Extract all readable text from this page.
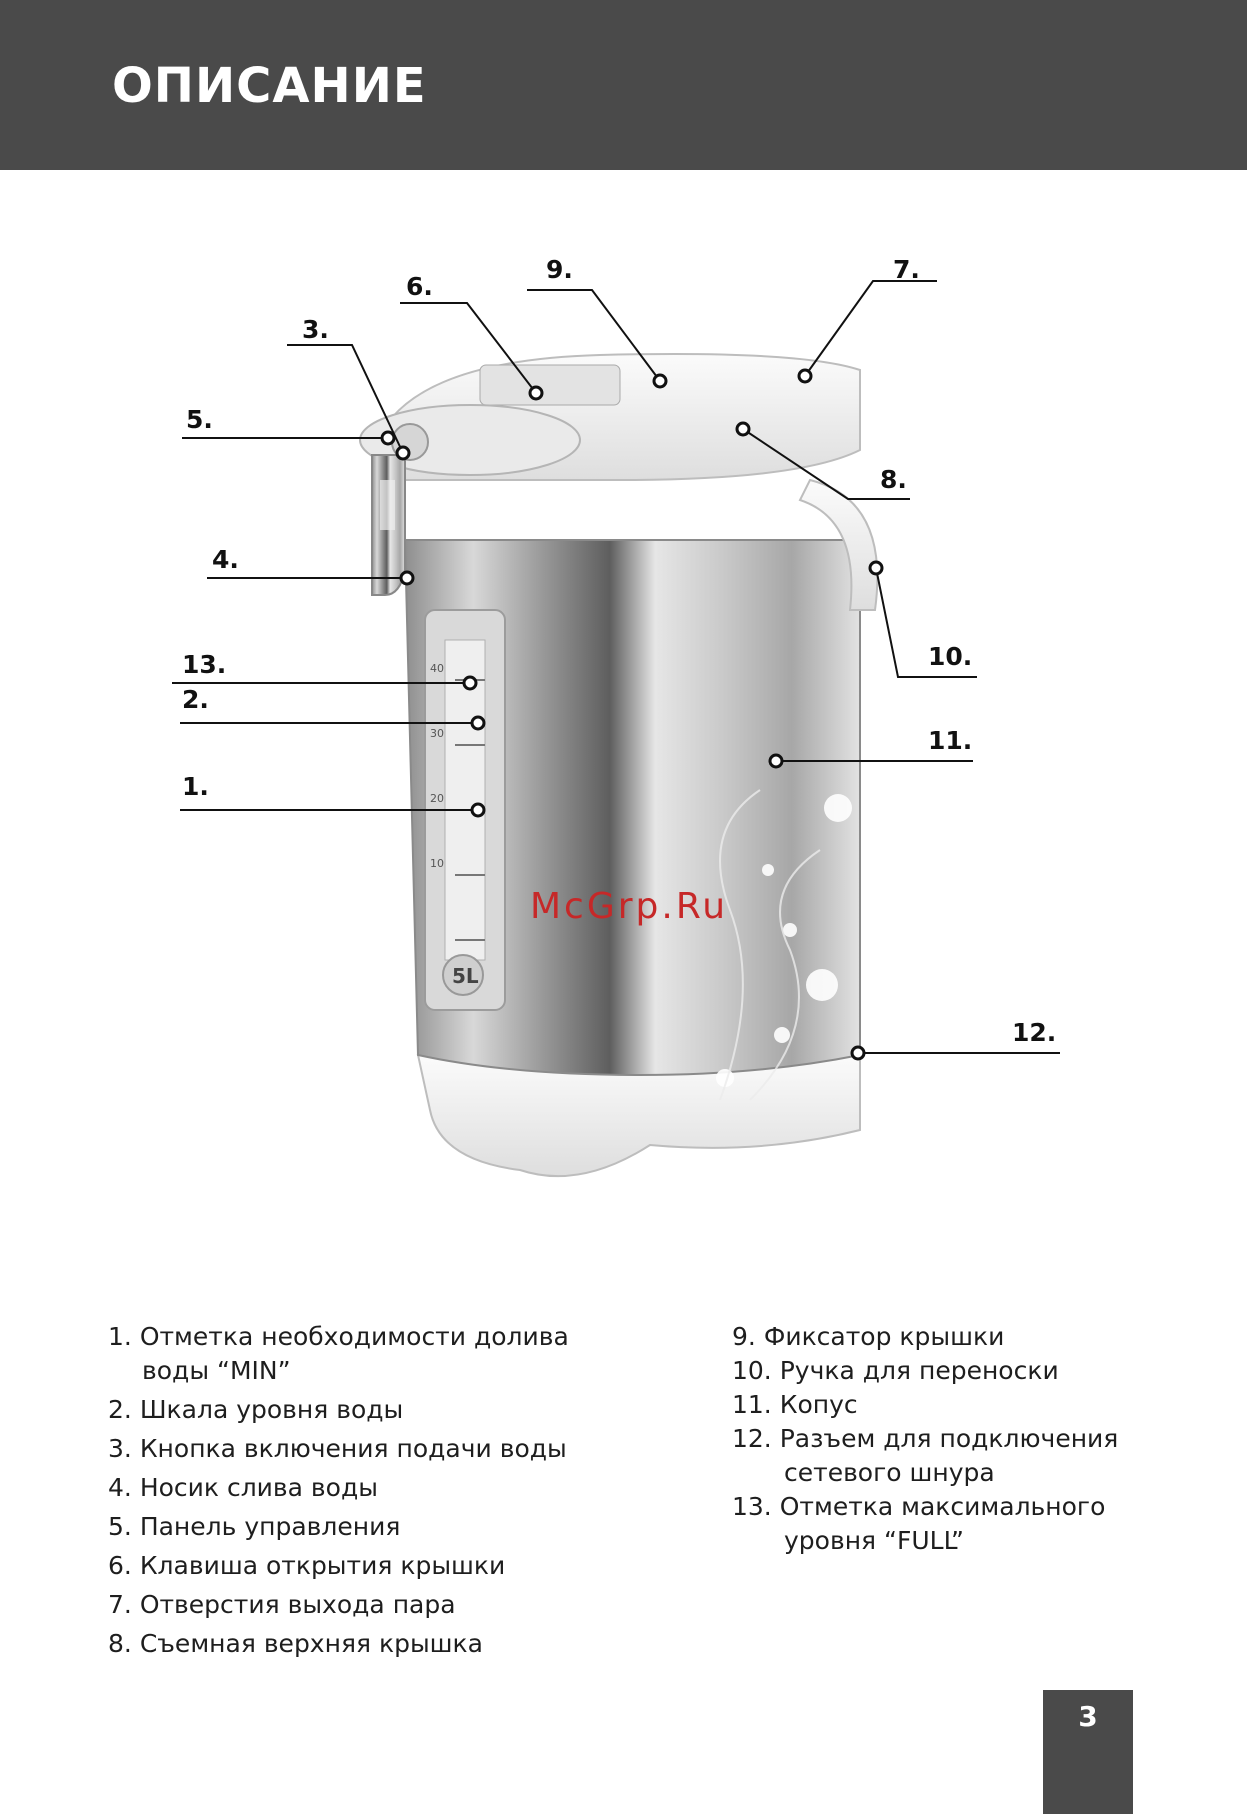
ОПИСАНИЕ
40
30
20
10
5L
1.
2.
3.
4.
5.
6.
9.	7.
8.
10.
11.
12.
13.
McGrp.Ru
1. Отметка необходимости долива
воды “MIN”
2. Шкала уровня воды
3. Кнопка включения подачи воды
4. Носик слива воды
5. Панель управления
6. Клавиша открытия крышки
7. Отверстия выхода пара
8. Съемная верхняя крышка
9. Фиксатор крышки
10. Ручка для переноски
11. Копус
12. Разъем для подключения
сетевого шнура
13. Отметка максимального
уровня “FULL”
3
